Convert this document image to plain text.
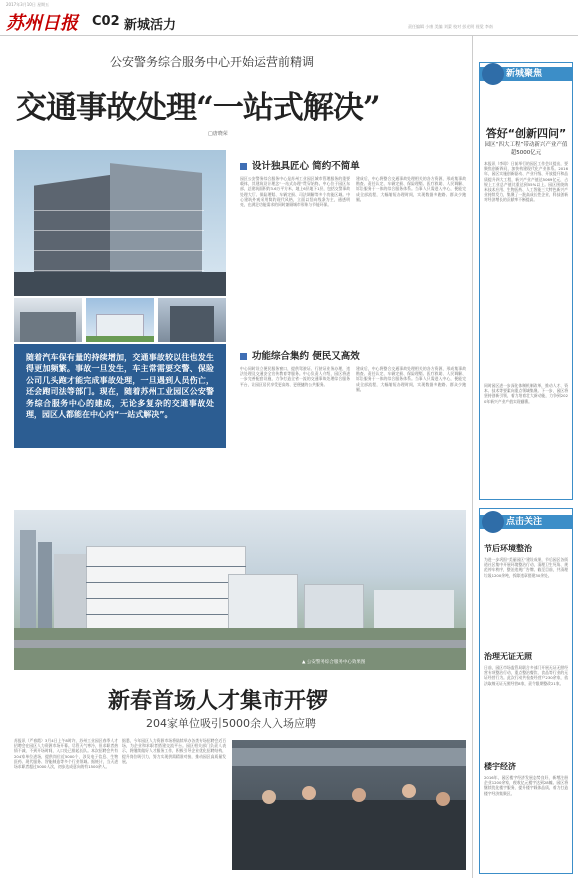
2017年3月10日 星期五
苏州日报 C02 新城活力	责任编辑 小康 美编 刘蒙 校对 彭光明 视觉 李南
公安警务综合服务中心开始运营前精调
交通事故处理“一站式解决”
□唐晓荣
随着汽车保有量的持续增加，交通事故较以往也发生得更加频繁。事故一旦发生，车主常需要交警、保险公司几头跑才能完成事故处理，一旦遇到人员伤亡，还会跑司法等部门。现在，随着苏州工业园区公安警务综合服务中心的建成，无论多复杂的交通事故处理，园区人都能在中心内“一站式解决”。
设计独具匠心 简约不简单
园区公安警务综合服务中心是苏州工业园区城市管理服务的重要载体，其建筑设计理念“一站式办理”贯穿始终。中心位于园区东部，总建筑面积约3.6万平方米，地上6层地下1层，包括交警事故处理大厅、保险理赔、车辆定损、司法调解等多个功能区域。中心建筑外观采用简约现代风格，立面以竖向线条为主，通透明亮，在满足功能需求的同时兼顾城市形象与节能环保。
建成后，中心将整合交通事故处理相关的各方资源，形成集事故勘查、责任认定、车辆定损、保险理赔、医疗救助、人民调解、诉讼服务于一体的综合服务体系。当事人只需进入中心，便能完成全部流程，大幅缩短办理时间，实现数据多跑路、群众少跑腿。
功能综合集约 便民又高效
中心同时设立便民服务窗口，提供驾驶证、行驶证业务办理，违法处理及交通安全宣传教育等服务。中心负责人介绍，园区将进一步完善配套设施，力争打造全省一流的交通事故处理综合服务平台，让园区居民享受更高效、更便捷的公共服务。
建成后，中心将整合交通事故处理相关的各方资源，形成集事故勘查、责任认定、车辆定损、保险理赔、医疗救助、人民调解、诉讼服务于一体的综合服务体系。当事人只需进入中心，便能完成全部流程，大幅缩短办理时间，实现数据多跑路、群众少跑腿。
▲ 公安警务综合服务中心效果图
新春首场人才集市开锣
204家单位吸引5000余人入场应聘
苏报讯（严春霞）3月4日上午8时许，苏州工业园区春季人才招聘会在园区人力资源市场开幕。尽管天气寒冷，但求职者热情不减，不到开场时间，入口处已排起长队。本次招聘会共有204家单位进场，提供岗位近5000个，涉及电子信息、生物医药、现代服务、智能制造等多个行业领域。据统计，当天进场求职者超过5000人次，初步达成意向的有1500余人。
据悉，今年园区人力资源市场将陆续举办各类专场招聘会近百场，为企业和求职者搭建交流平台。园区相关部门负责人表示，将继续做好人才服务工作，积极引导企业优化招聘结构，提升岗位吸引力，努力实现供需精准对接，推动园区高质量发展。
新城聚焦
答好“创新四问”
园区“四大工程”带动新兴产业产值超5000亿元
本报讯（李琼）日前举行的园区工作会议提出，要聚焦创新四问，加快构建现代化产业体系。2016年，园区实施创新驱动、产业升级、开放提升和品质提升四大工程，新兴产业产值达5069亿元，占规上工业总产值比重达到55%以上。园区围绕纳米技术应用、生物医药、人工智能三大特色新兴产业持续发力，集聚了一批高成长性企业，科技创新对经济增长的贡献率不断提高。
同时园区进一步深化体制机制改革，推动人才、资本、技术等要素向重点领域集聚。下一步，园区将坚持创新引领，着力培育壮大新动能，力争到2020年新兴产业产值实现翻番。
点击关注
节后环境整治
为进一步巩固“美丽园区”建设成果，节后园区各街道社区集中开展环境整治行动，清理卫生死角、规范停车秩序，整治违规广告牌。截至目前，共清理垃圾1200余吨，拆除违章搭建30余处。
治理无证无照
日前，园区市场监管局联合多部门开展无证无照经营专项整治行动，重点整治餐饮、食品等行业的无证经营行为。此次行动共检查经营户230余家，依法取缔无证无照经营8家，责令限期整改21家。
楼宇经济
2016年，园区楼宇经济发展态势良好，新增注册企业1200余家，税收亿元楼宇达到28幢。园区将继续优化楼宇服务，提升楼宇载体品质，着力打造楼宇经济集聚区。
